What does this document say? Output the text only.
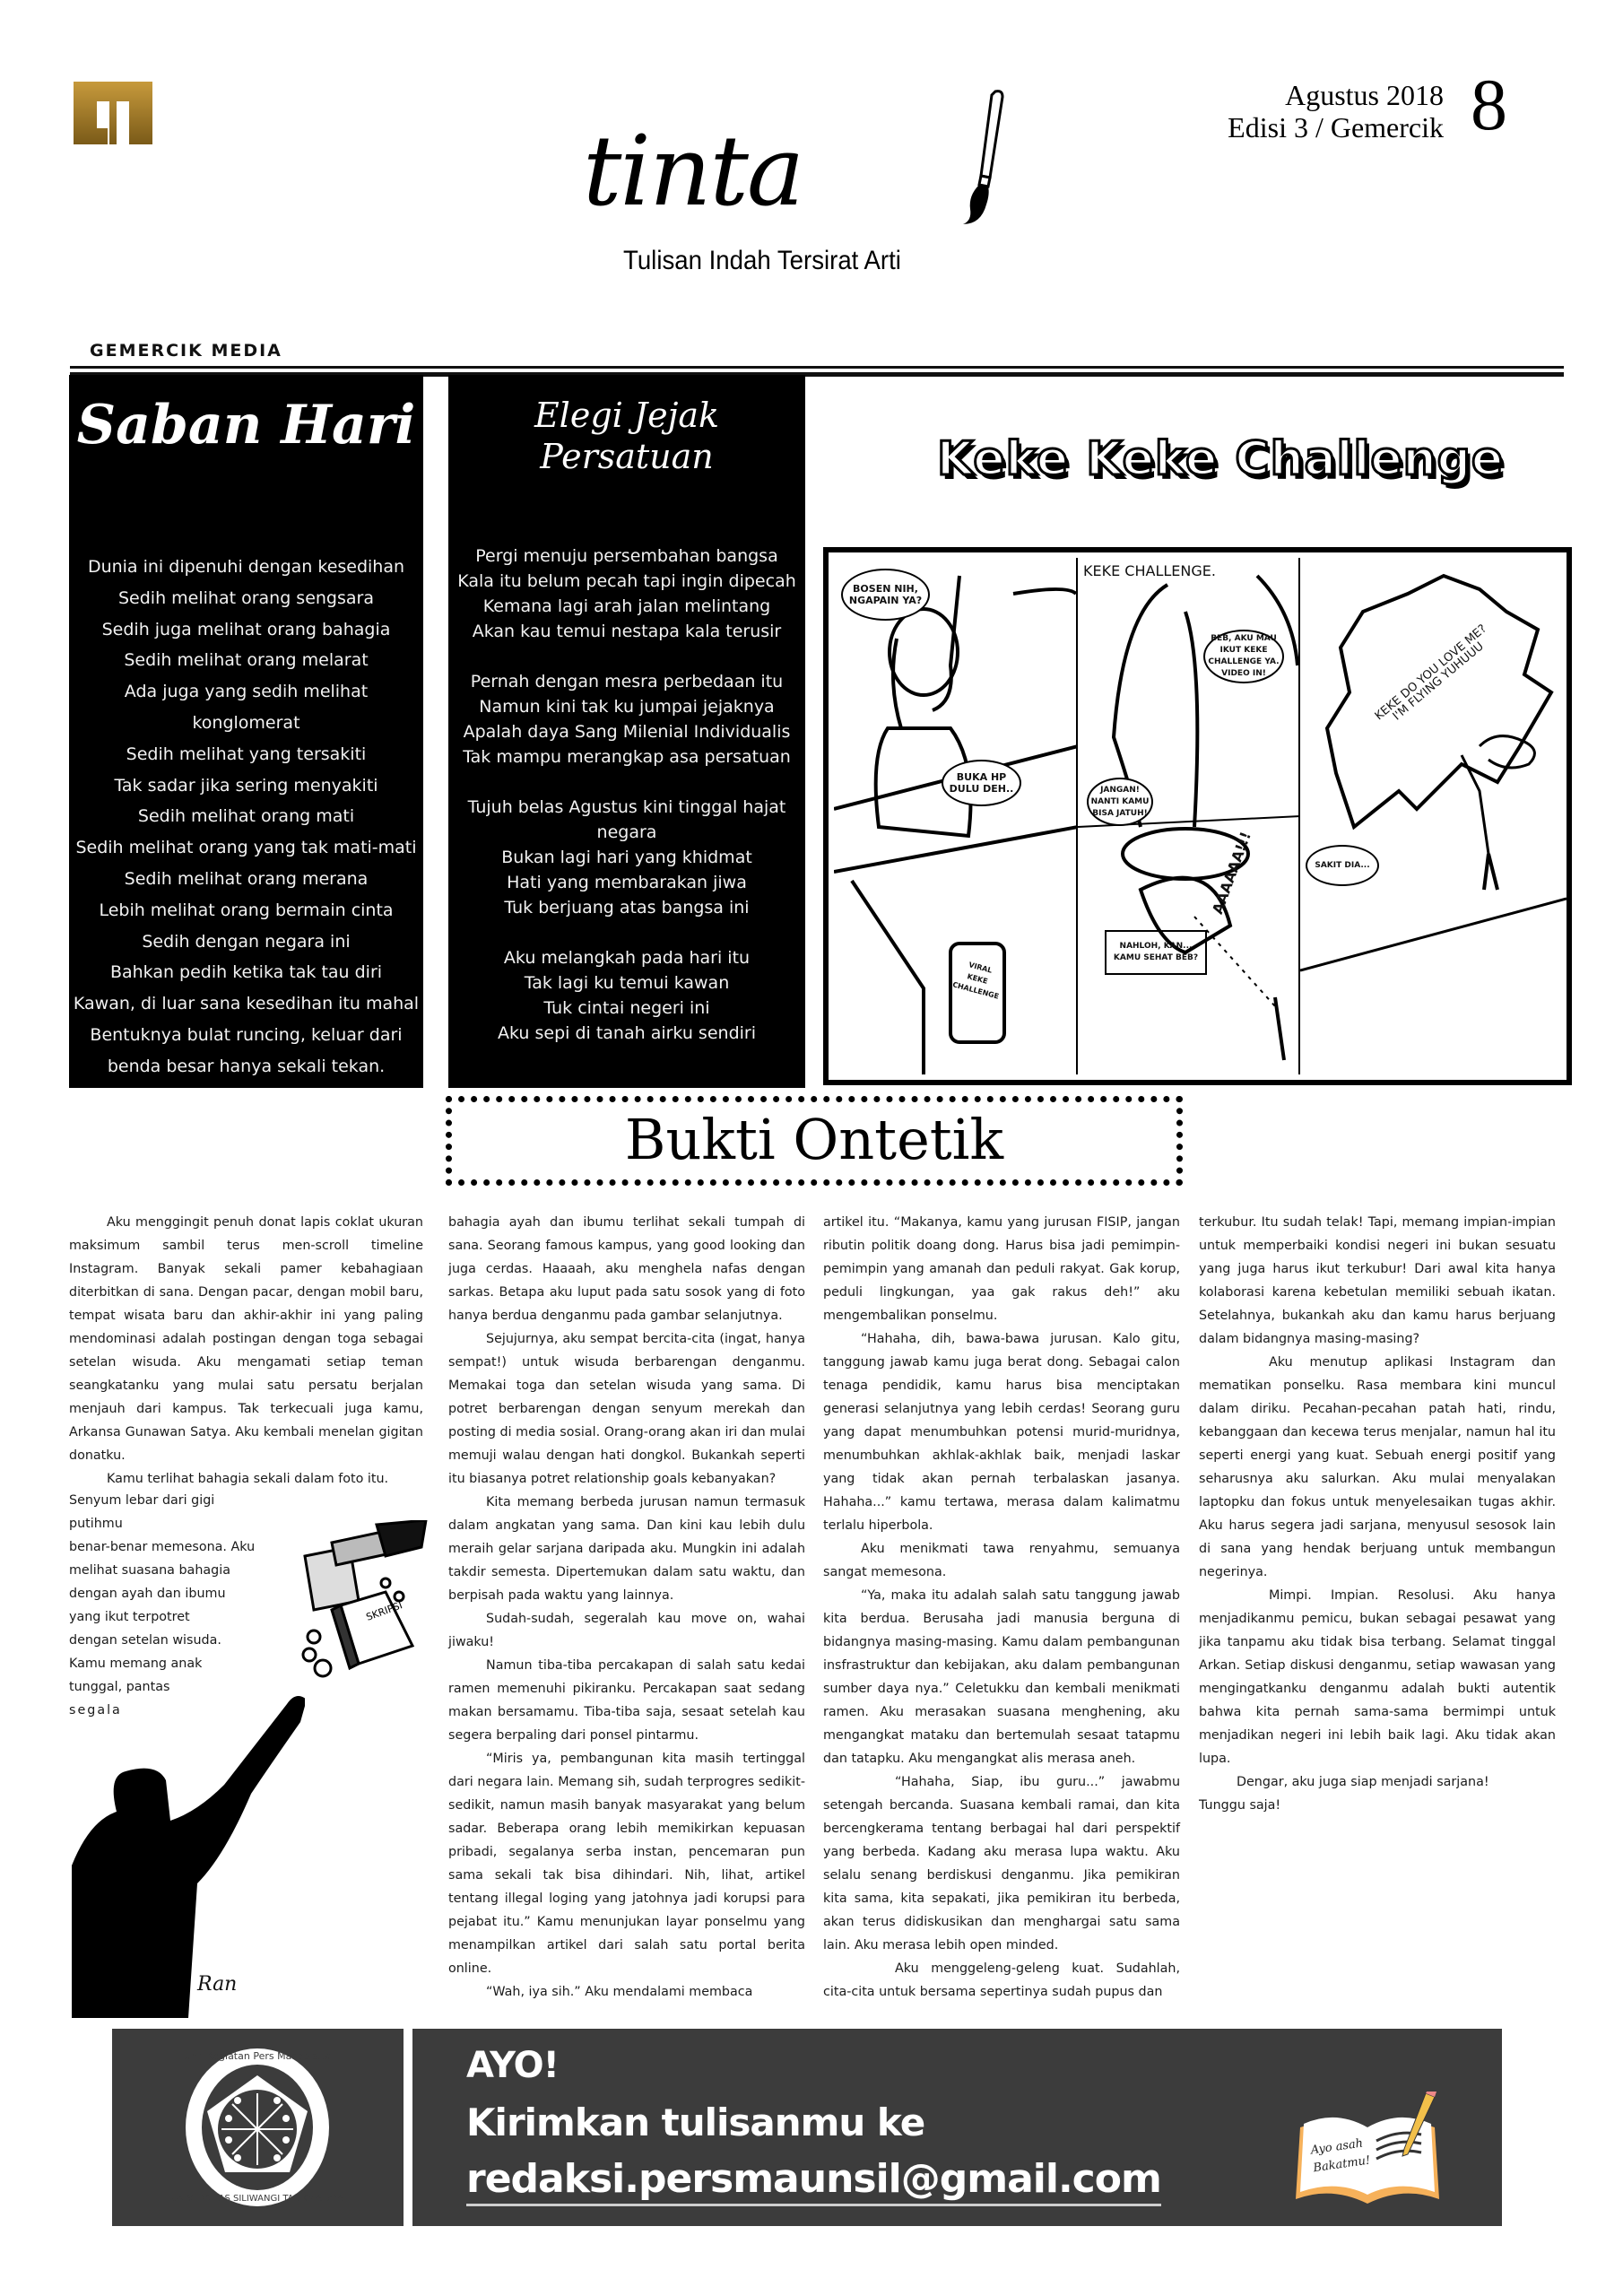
tinta
Tulisan Indah Tersirat Arti
Agustus 2018
Edisi 3 / Gemercik 8
GEMERCIK MEDIA
Saban Hari
Dunia ini dipenuhi dengan kesedihan
Sedih melihat orang sengsara
Sedih juga melihat orang bahagia
Sedih melihat orang melarat
Ada juga yang sedih melihat konglomerat
Sedih melihat yang tersakiti
Tak sadar jika sering menyakiti
Sedih melihat orang mati
Sedih melihat orang yang tak mati-mati
Sedih melihat orang merana
Lebih melihat orang bermain cinta
Sedih dengan negara ini
Bahkan pedih ketika tak tau diri
Kawan, di luar sana kesedihan itu mahal
Bentuknya bulat runcing, keluar dari
benda besar hanya sekali tekan.
Elegi Jejak
Persatuan
Pergi menuju persembahan bangsa
Kala itu belum pecah tapi ingin dipecah
Kemana lagi arah jalan melintang
Akan kau temui nestapa kala terusir
Pernah dengan mesra perbedaan itu
Namun kini tak ku jumpai jejaknya
Apalah daya Sang Milenial Individualis
Tak mampu merangkap asa persatuan
Tujuh belas Agustus kini tinggal hajat negara
Bukan lagi hari yang khidmat
Hati yang membarakan jiwa
Tuk berjuang atas bangsa ini
Aku melangkah pada hari itu
Tak lagi ku temui kawan
Tuk cintai negeri ini
Aku sepi di tanah airku sendiri
Keke Keke Challenge
BOSEN NIH, NGAPAIN YA?
BUKA HP DULU DEH..
VIRAL KEKE CHALLENGE
KEKE CHALLENGE.
BEB, AKU MAU IKUT KEKE CHALLENGE YA. VIDEO IN!
JANGAN! NANTI KAMU BISA JATUH!
NAHLOH, KAN... KAMU SEHAT BEB?
AAAAAA!!!
KEKE DO YOU LOVE ME? I'M FLYING YUHUUU
SAKIT DIA...
Bukti Ontetik

Aku menggingit penuh donat lapis coklat ukuran maksimum sambil terus men-scroll timeline Instagram. Banyak sekali pamer kebahagiaan diterbitkan di sana. Dengan pacar, dengan mobil baru, tempat wisata baru dan akhir-akhir ini yang paling mendominasi adalah postingan dengan toga sebagai setelan wisuda. Aku mengamati setiap teman seangkatanku yang mulai satu persatu berjalan menjauh dari kampus. Tak terkecuali juga kamu, Arkansa Gunawan Satya. Aku kembali menelan gigitan donatku.

Kamu terlihat bahagia sekali dalam foto itu.

Senyum lebar dari gigi putihmu
benar-benar memesona. Aku
melihat suasana bahagia
dengan ayah dan ibumu
yang ikut terpotret
dengan setelan wisuda.
Kamu memang anak
tunggal, pantas
segala
SKRIPSI
Ran

bahagia ayah dan ibumu terlihat sekali tumpah di sana. Seorang famous kampus, yang good looking dan juga cerdas. Haaaah, aku menghela nafas dengan sarkas. Betapa aku luput pada satu sosok yang di foto hanya berdua denganmu pada gambar selanjutnya.

Sejujurnya, aku sempat bercita-cita (ingat, hanya sempat!) untuk wisuda berbarengan denganmu. Memakai toga dan setelan wisuda yang sama. Di potret berbarengan dengan senyum merekah dan posting di media sosial. Orang-orang akan iri dan mulai memuji walau dengan hati dongkol. Bukankah seperti itu biasanya potret relationship goals kebanyakan?

Kita memang berbeda jurusan namun termasuk dalam angkatan yang sama. Dan kini kau lebih dulu meraih gelar sarjana daripada aku. Mungkin ini adalah takdir semesta. Dipertemukan dalam satu waktu, dan berpisah pada waktu yang lainnya.

Sudah-sudah, segeralah kau move on, wahai jiwaku!

Namun tiba-tiba percakapan di salah satu kedai ramen memenuhi pikiranku. Percakapan saat sedang makan bersamamu. Tiba-tiba saja, sesaat setelah kau segera berpaling dari ponsel pintarmu.

“Miris ya, pembangunan kita masih tertinggal dari negara lain. Memang sih, sudah terprogres sedikit-sedikit, namun masih banyak masyarakat yang belum sadar. Beberapa orang lebih memikirkan kepuasan pribadi, segalanya serba instan, pencemaran pun sama sekali tak bisa dihindari. Nih, lihat, artikel tentang illegal loging yang jatohnya jadi korupsi para pejabat itu.” Kamu menunjukan layar ponselmu yang menampilkan artikel dari salah satu portal berita online.

“Wah, iya sih.” Aku mendalami membaca

artikel itu. “Makanya, kamu yang jurusan FISIP, jangan ributin politik doang dong. Harus bisa jadi pemimpin-pemimpin yang amanah dan peduli rakyat. Gak korup, peduli lingkungan, yaa gak rakus deh!” aku mengembalikan ponselmu.

“Hahaha, dih, bawa-bawa jurusan. Kalo gitu, tanggung jawab kamu juga berat dong. Sebagai calon tenaga pendidik, kamu harus bisa menciptakan generasi selanjutnya yang lebih cerdas! Seorang guru yang dapat menumbuhkan potensi murid-muridnya, menumbuhkan akhlak-akhlak baik, menjadi laskar yang tidak akan pernah terbalaskan jasanya. Hahaha...” kamu tertawa, merasa dalam kalimatmu terlalu hiperbola.

Aku menikmati tawa renyahmu, semuanya sangat memesona.

“Ya, maka itu adalah salah satu tanggung jawab kita berdua. Berusaha jadi manusia berguna di bidangnya masing-masing. Kamu dalam pembangunan insfrastruktur dan kebijakan, aku dalam pembangunan sumber daya nya.” Celetukku dan kembali menikmati ramen. Aku merasakan suasana menghening, aku mengangkat mataku dan bertemulah sesaat tatapmu dan tatapku. Aku mengangkat alis merasa aneh.

“Hahaha, Siap, ibu guru...” jawabmu setengah bercanda. Suasana kembali ramai, dan kita bercengkerama tentang berbagai hal dari perspektif yang berbeda. Kadang aku merasa lupa waktu. Aku selalu senang berdiskusi denganmu. Jika pemikiran kita sama, kita sepakati, jika pemikiran itu berbeda, akan terus didiskusikan dan menghargai satu sama lain. Aku merasa lebih open minded.

Aku menggeleng-geleng kuat. Sudahlah, cita-cita untuk bersama sepertinya sudah pupus dan

terkubur. Itu sudah telak! Tapi, memang impian-impian untuk memperbaiki kondisi negeri ini bukan sesuatu yang juga harus ikut terkubur! Dari awal kita hanya kolaborasi karena kebetulan memiliki sebuah ikatan. Setelahnya, bukankah aku dan kamu harus berjuang dalam bidangnya masing-masing?

Aku menutup aplikasi Instagram dan mematikan ponselku. Rasa membara kini muncul dalam diriku. Pecahan-pecahan patah hati, rindu, kebanggaan dan kecewa terus menjalar, namun hal itu seperti energi yang kuat. Sebuah energi positif yang seharusnya aku salurkan. Aku mulai menyalakan laptopku dan fokus untuk menyelesaikan tugas akhir. Aku harus segera jadi sarjana, menyusul sesosok lain di sana yang hendak berjuang untuk membangun negerinya.

Mimpi. Impian. Resolusi. Aku hanya menjadikanmu pemicu, bukan sebagai pesawat yang jika tanpamu aku tidak bisa terbang. Selamat tinggal Arkan. Setiap diskusi denganmu, setiap wawasan yang mengingatkanku denganmu adalah bukti autentik bahwa kita pernah sama-sama bermimpi untuk menjadikan negeri ini lebih baik lagi. Aku tidak akan lupa.

Dengar, aku juga siap menjadi sarjana!

Tunggu saja!

Unit Kegiatan Pers Mahasiswa
UNIVERSITAS SILIWANGI TASIKMALAYA
AYO!
Kirimkan tulisanmu ke
redaksi.persmaunsil@gmail.com
Ayo asah
Bakatmu!
